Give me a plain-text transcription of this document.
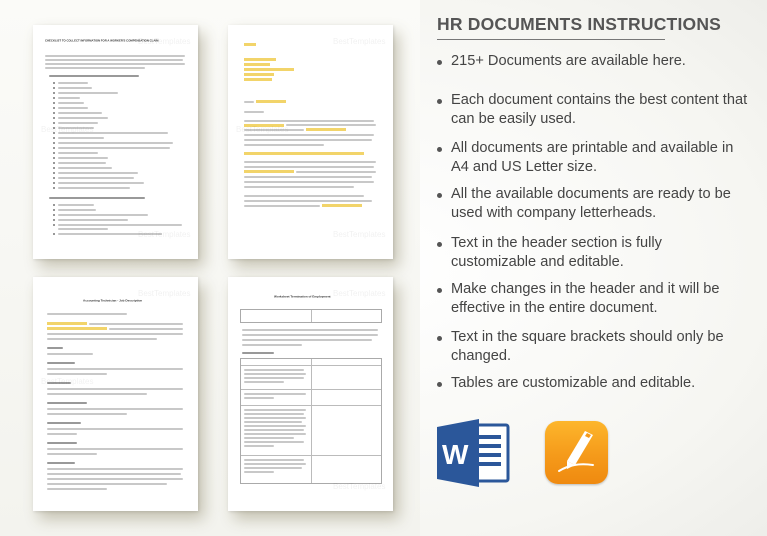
CHECKLIST TO COLLECT INFORMATION FOR A WORKER'S COMPENSATION CLAIM
BestTemplates
BestTemplates
BestTemplates
BestTemplates
BestTemplates
BestTemplates
Accounting Technician - Job Description
BestTemplates
BestTemplates
Worksheet Termination of Employment BestTemplates
BestTemplates
HR DOCUMENTS INSTRUCTIONS
215+ Documents are available here.
Each document contains the best content that can be easily used.
All documents are printable and available in A4 and US Letter size.
All the available documents are ready to be used with company letterheads.
Text in the header section is fully customizable and editable.
Make changes in the header and it will be effective in the entire document.
Text in the square brackets should only be changed.
Tables are customizable and editable.
W
